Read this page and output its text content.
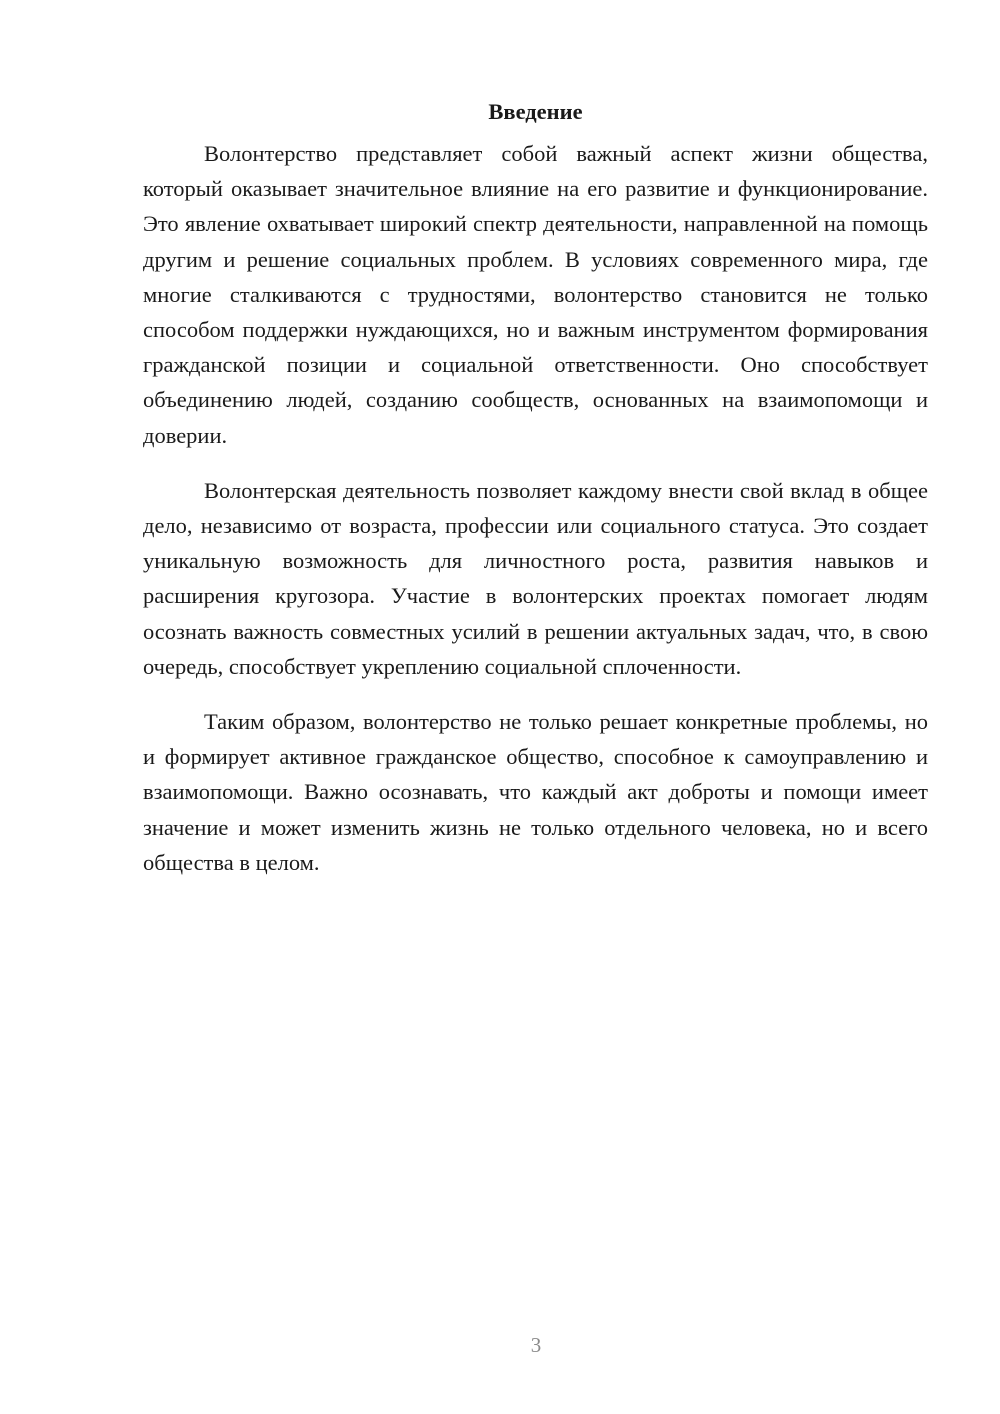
Введение

Волонтерство представляет собой важный аспект жизни общества, который оказывает значительное влияние на его развитие и функционирование. Это явление охватывает широкий спектр деятельности, направленной на помощь другим и решение социальных проблем. В условиях современного мира, где многие сталкиваются с трудностями, волонтерство становится не только способом поддержки нуждающихся, но и важным инструментом формирования гражданской позиции и социальной ответственности. Оно способствует объединению людей, созданию сообществ, основанных на взаимопомощи и доверии.

Волонтерская деятельность позволяет каждому внести свой вклад в общее дело, независимо от возраста, профессии или социального статуса. Это создает уникальную возможность для личностного роста, развития навыков и расширения кругозора. Участие в волонтерских проектах помогает людям осознать важность совместных усилий в решении актуальных задач, что, в свою очередь, способствует укреплению социальной сплоченности.

Таким образом, волонтерство не только решает конкретные проблемы, но и формирует активное гражданское общество, способное к самоуправлению и взаимопомощи. Важно осознавать, что каждый акт доброты и помощи имеет значение и может изменить жизнь не только отдельного человека, но и всего общества в целом.

3
